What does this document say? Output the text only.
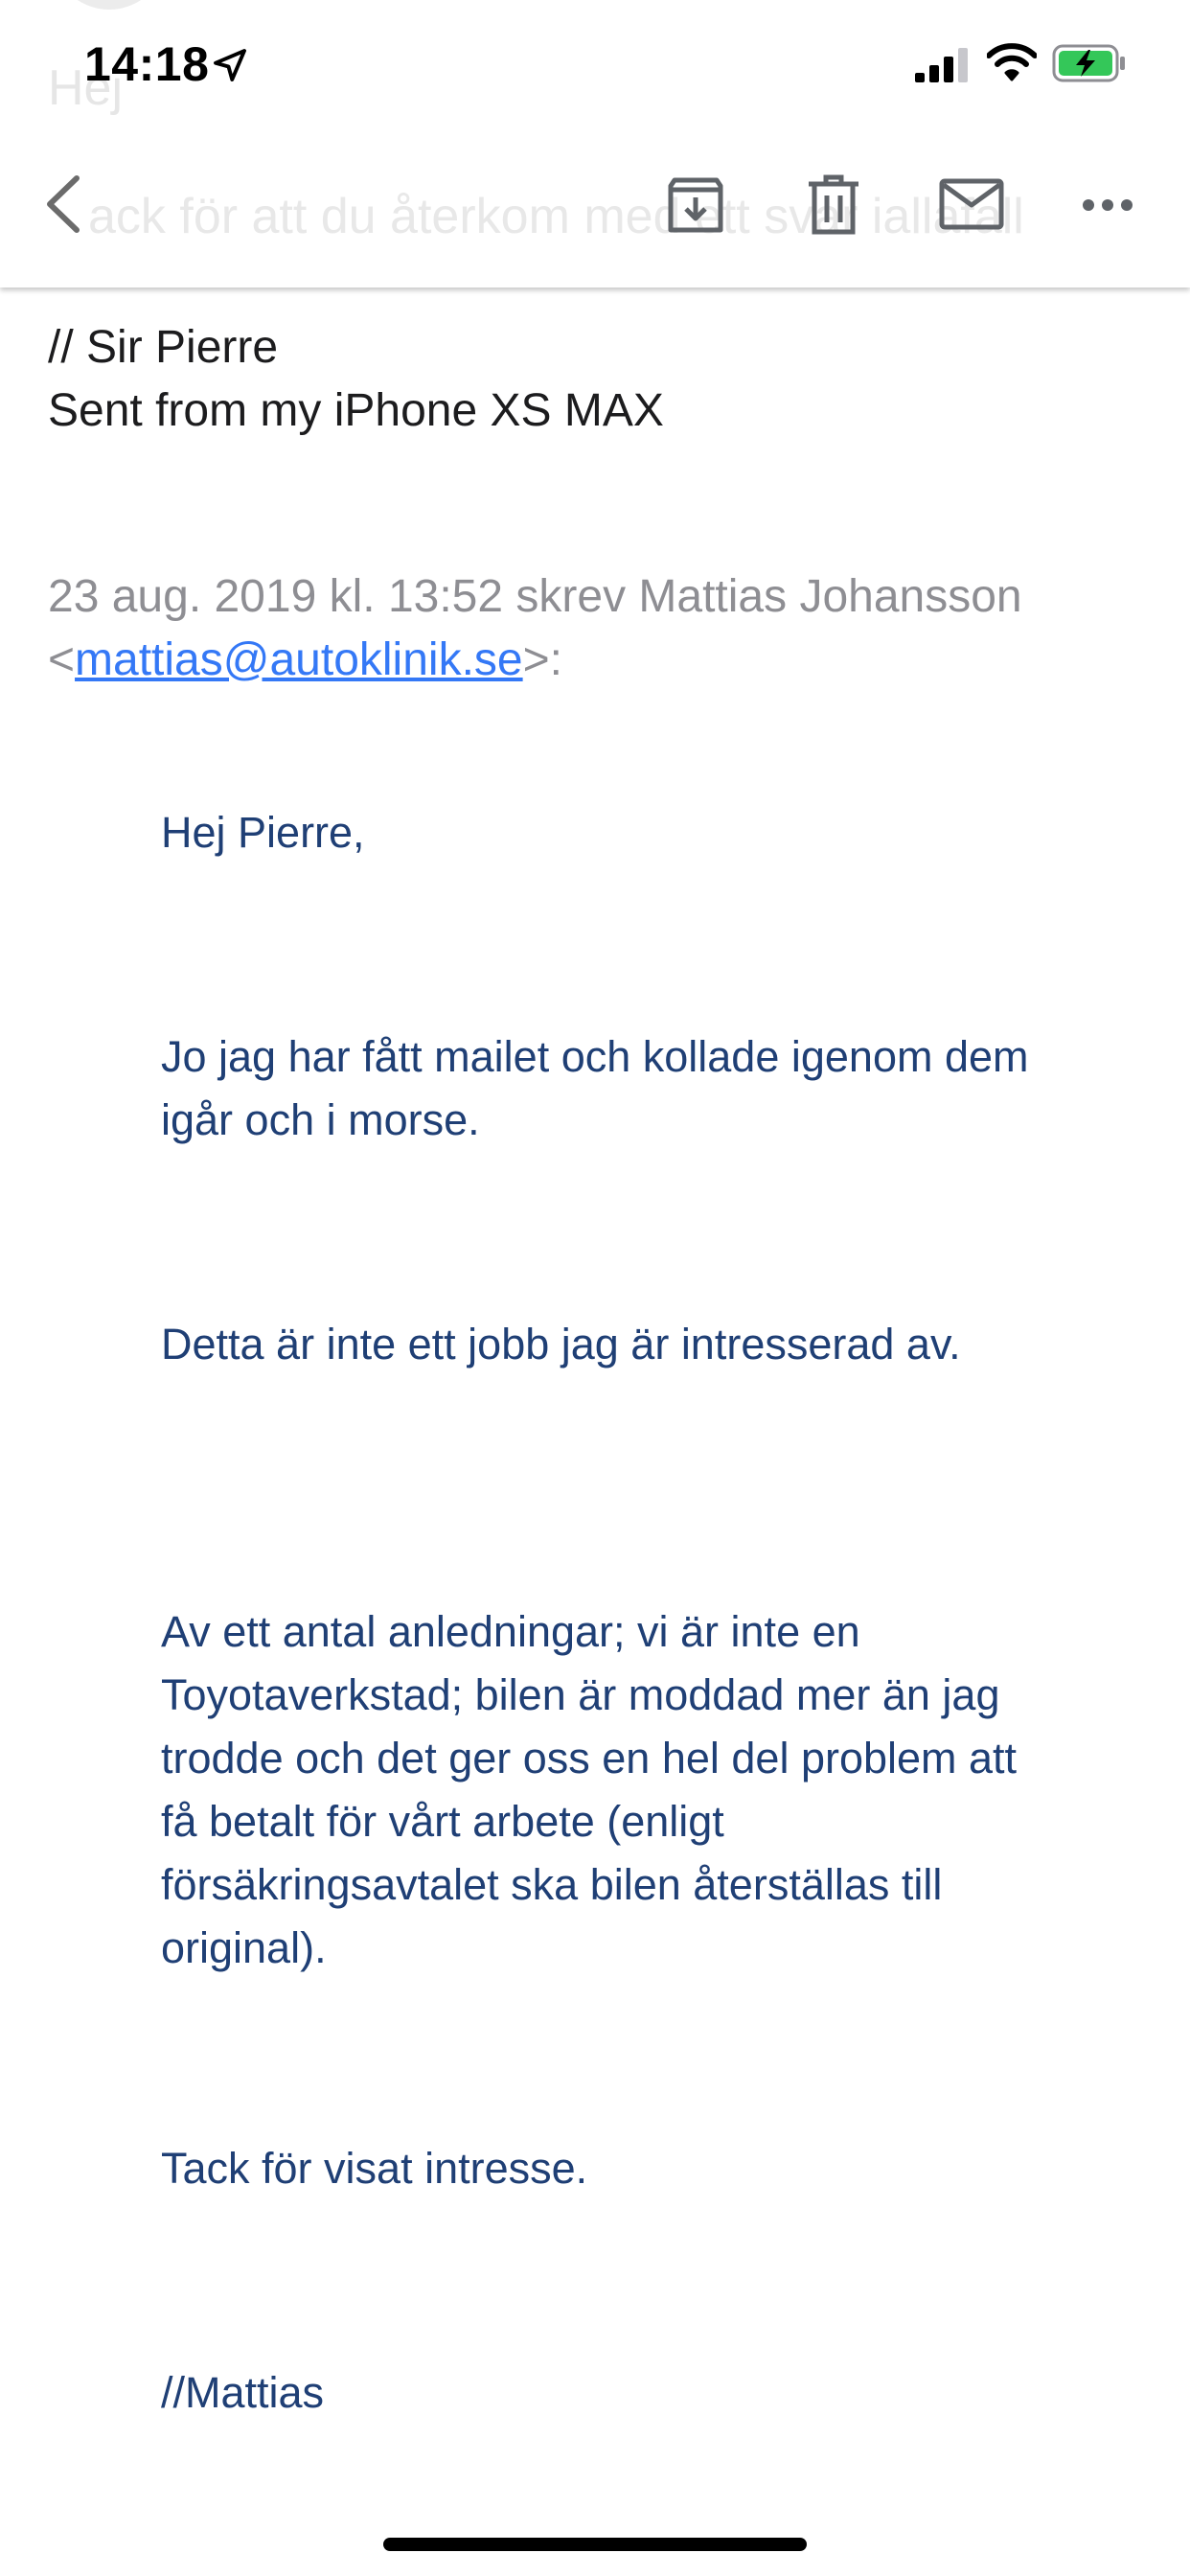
Hej
ack för att du återkom med ett svar iallafall
14:18

// Sir Pierre
Sent from my iPhone XS MAX

23 aug. 2019 kl. 13:52 skrev Mattias Johansson <mattias@autoklinik.se>:

Hej Pierre,

Jo jag har fått mailet och kollade igenom dem igår och i morse.

Detta är inte ett jobb jag är intresserad av.

Av ett antal anledningar; vi är inte en Toyotaverkstad; bilen är moddad mer än jag trodde och det ger oss en hel del problem att få betalt för vårt arbete (enligt försäkringsavtalet ska bilen återställas till original).

Tack för visat intresse.

//Mattias
